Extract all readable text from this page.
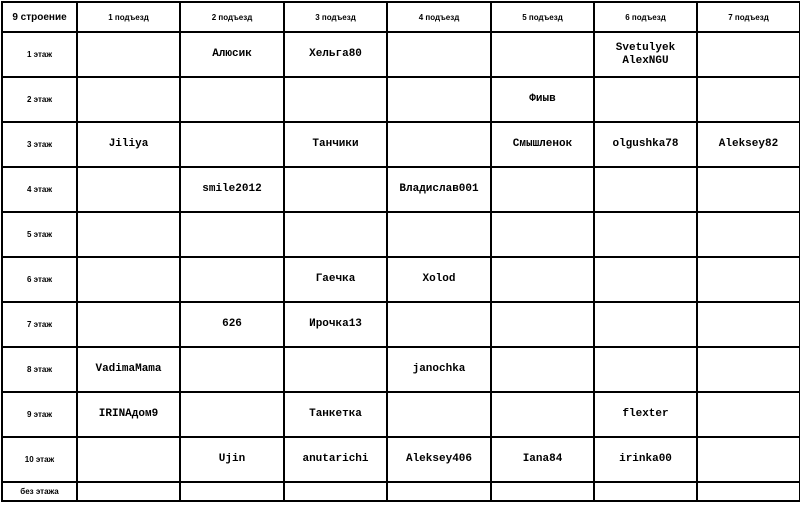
9 строение	1 подъезд	2 подъезд	3 подъезд	4 подъезд	5 подъезд	6 подъезд	7 подъезд
1 этаж		Алюсик	Хельга80			Svetulyek
AlexNGU	

2 этаж					Фиыв		

3 этаж	Jiliya		Танчики		Смышленок	olgushka78	Aleksey82

4 этаж		smile2012		Владислав001			

5 этаж							
6 этаж			Гаечка	Xolod			

7 этаж		626	Ирочка13				

8 этаж	VadimaMama			janochka			

9 этаж	IRINAдом9		Танкетка			flexter	

10 этаж		Ujin	anutarichi	Aleksey406	Iana84	irinka00	

без этажа							
